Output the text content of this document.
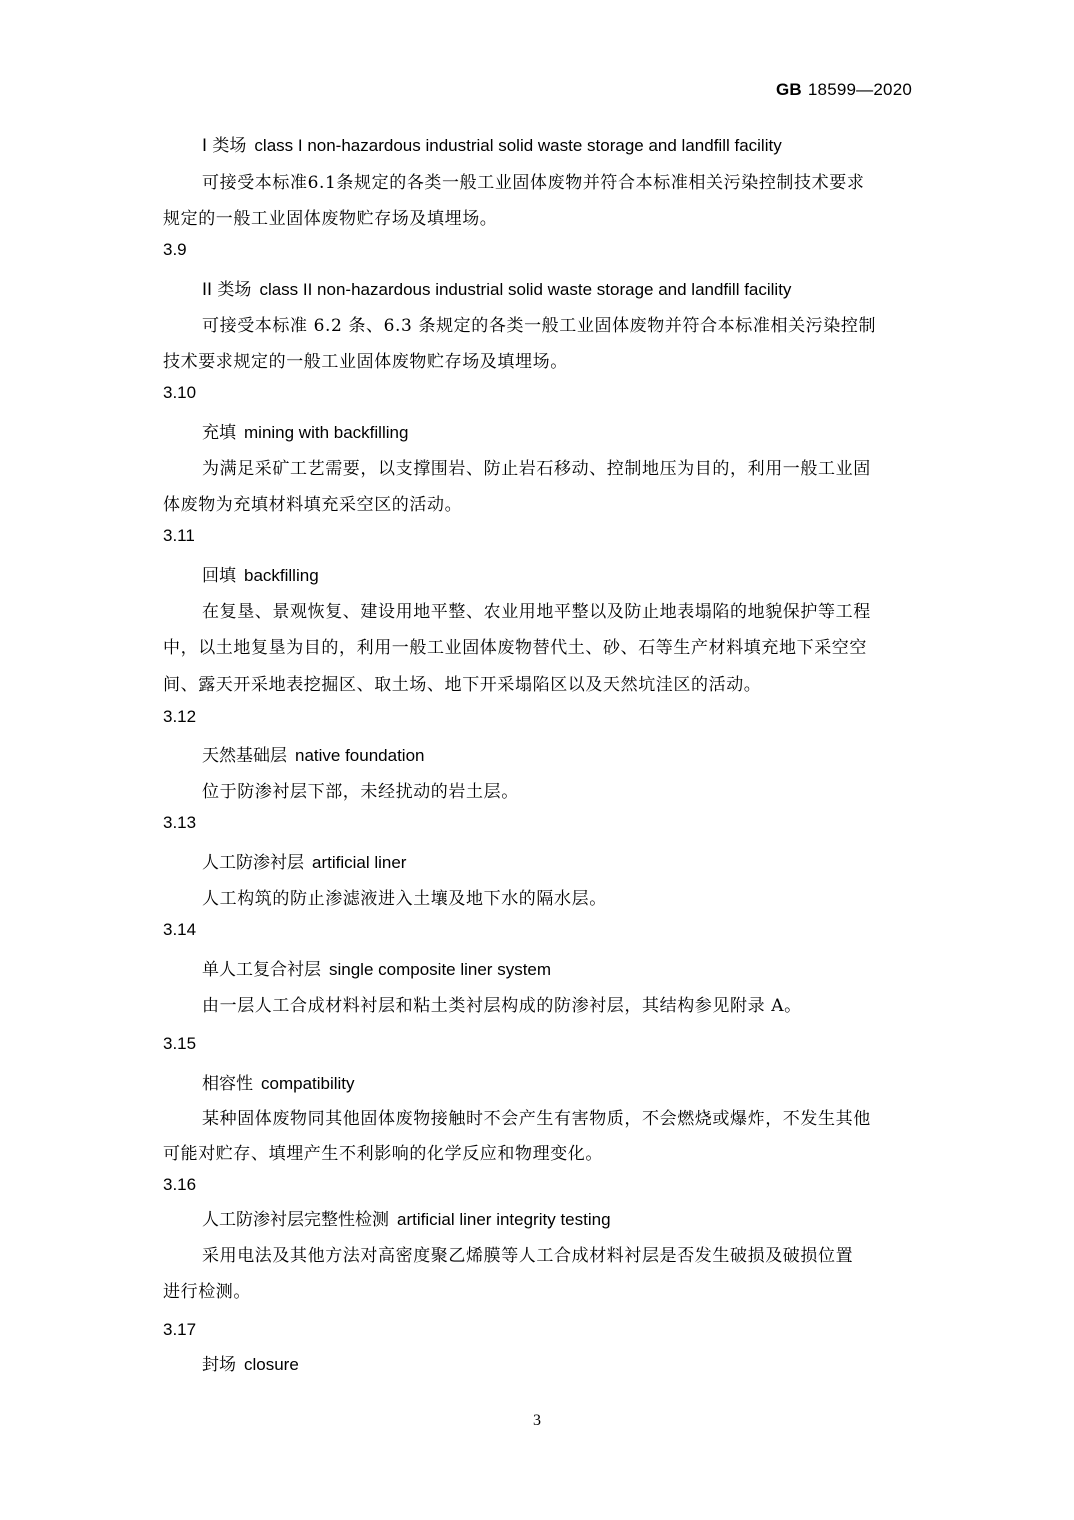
GB 18599—2020
I 类场 class I non-hazardous industrial solid waste storage and landfill facility
可接受本标准6.1条规定的各类一般工业固体废物并符合本标准相关污染控制技术要求
规定的一般工业固体废物贮存场及填埋场。
3.9
II 类场 class II non-hazardous industrial solid waste storage and landfill facility
可接受本标准 6.2 条、6.3 条规定的各类一般工业固体废物并符合本标准相关污染控制
技术要求规定的一般工业固体废物贮存场及填埋场。
3.10
充填 mining with backfilling
为满足采矿工艺需要，以支撑围岩、防止岩石移动、控制地压为目的，利用一般工业固
体废物为充填材料填充采空区的活动。
3.11
回填 backfilling
在复垦、景观恢复、建设用地平整、农业用地平整以及防止地表塌陷的地貌保护等工程
中，以土地复垦为目的，利用一般工业固体废物替代土、砂、石等生产材料填充地下采空空
间、露天开采地表挖掘区、取土场、地下开采塌陷区以及天然坑洼区的活动。
3.12
天然基础层 native foundation
位于防渗衬层下部，未经扰动的岩土层。
3.13
人工防渗衬层 artificial liner
人工构筑的防止渗滤液进入土壤及地下水的隔水层。
3.14
单人工复合衬层 single composite liner system
由一层人工合成材料衬层和粘土类衬层构成的防渗衬层，其结构参见附录 A。
3.15
相容性 compatibility
某种固体废物同其他固体废物接触时不会产生有害物质，不会燃烧或爆炸，不发生其他
可能对贮存、填埋产生不利影响的化学反应和物理变化。
3.16
人工防渗衬层完整性检测 artificial liner integrity testing
采用电法及其他方法对高密度聚乙烯膜等人工合成材料衬层是否发生破损及破损位置
进行检测。
3.17
封场 closure
3
